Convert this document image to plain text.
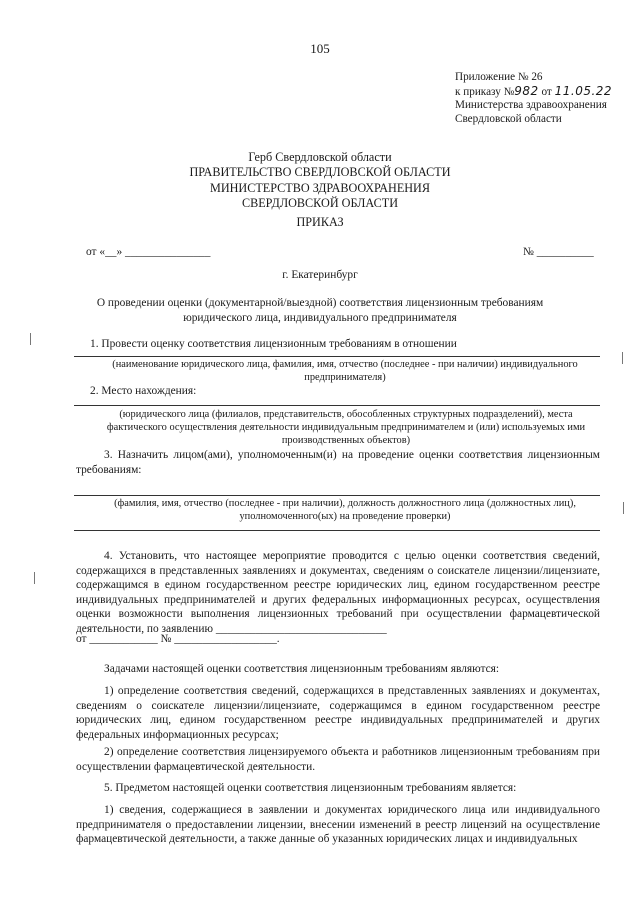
105
Приложение № 26
к приказу №982 от 11.05.22
Министерства здравоохранения
Свердловской области
Герб Свердловской области
ПРАВИТЕЛЬСТВО СВЕРДЛОВСКОЙ ОБЛАСТИ
МИНИСТЕРСТВО ЗДРАВООХРАНЕНИЯ
СВЕРДЛОВСКОЙ ОБЛАСТИ
ПРИКАЗ
от «__» _______________	№ __________
г. Екатеринбург
О проведении оценки (документарной/выездной) соответствия лицензионным требованиям
юридического лица, индивидуального предпринимателя
1. Провести оценку соответствия лицензионным требованиям в отношении
(наименование юридического лица, фамилия, имя, отчество (последнее - при наличии) индивидуального предпринимателя)
2. Место нахождения:
(юридического лица (филиалов, представительств, обособленных структурных подразделений), места фактического осуществления деятельности индивидуальным предпринимателем и (или) используемых ими производственных объектов)
3. Назначить лицом(ами), уполномоченным(и) на проведение оценки соответствия лицензионным требованиям:
(фамилия, имя, отчество (последнее - при наличии), должность должностного лица (должностных лиц), уполномоченного(ых) на проведение проверки)
4. Установить, что настоящее мероприятие проводится с целью оценки соответствия сведений, содержащихся в представленных заявлениях и документах, сведениям о соискателе лицензии/лицензиате, содержащимся в едином государственном реестре юридических лиц, едином государственном реестре индивидуальных предпринимателей и других федеральных информационных ресурсах, осуществления оценки возможности выполнения лицензионных требований при осуществлении фармацевтической деятельности, по заявлению ______________________________
от ____________ № __________________.
Задачами настоящей оценки соответствия лицензионным требованиям являются:
1) определение соответствия сведений, содержащихся в представленных заявлениях и документах, сведениям о соискателе лицензии/лицензиате, содержащимся в едином государственном реестре юридических лиц, едином государственном реестре индивидуальных предпринимателей и других федеральных информационных ресурсах;
2) определение соответствия лицензируемого объекта и работников лицензионным требованиям при осуществлении фармацевтической деятельности.
5. Предметом настоящей оценки соответствия лицензионным требованиям является:
1) сведения, содержащиеся в заявлении и документах юридического лица или индивидуального предпринимателя о предоставлении лицензии, внесении изменений в реестр лицензий на осуществление фармацевтической деятельности, а также данные об указанных юридических лицах и индивидуальных
